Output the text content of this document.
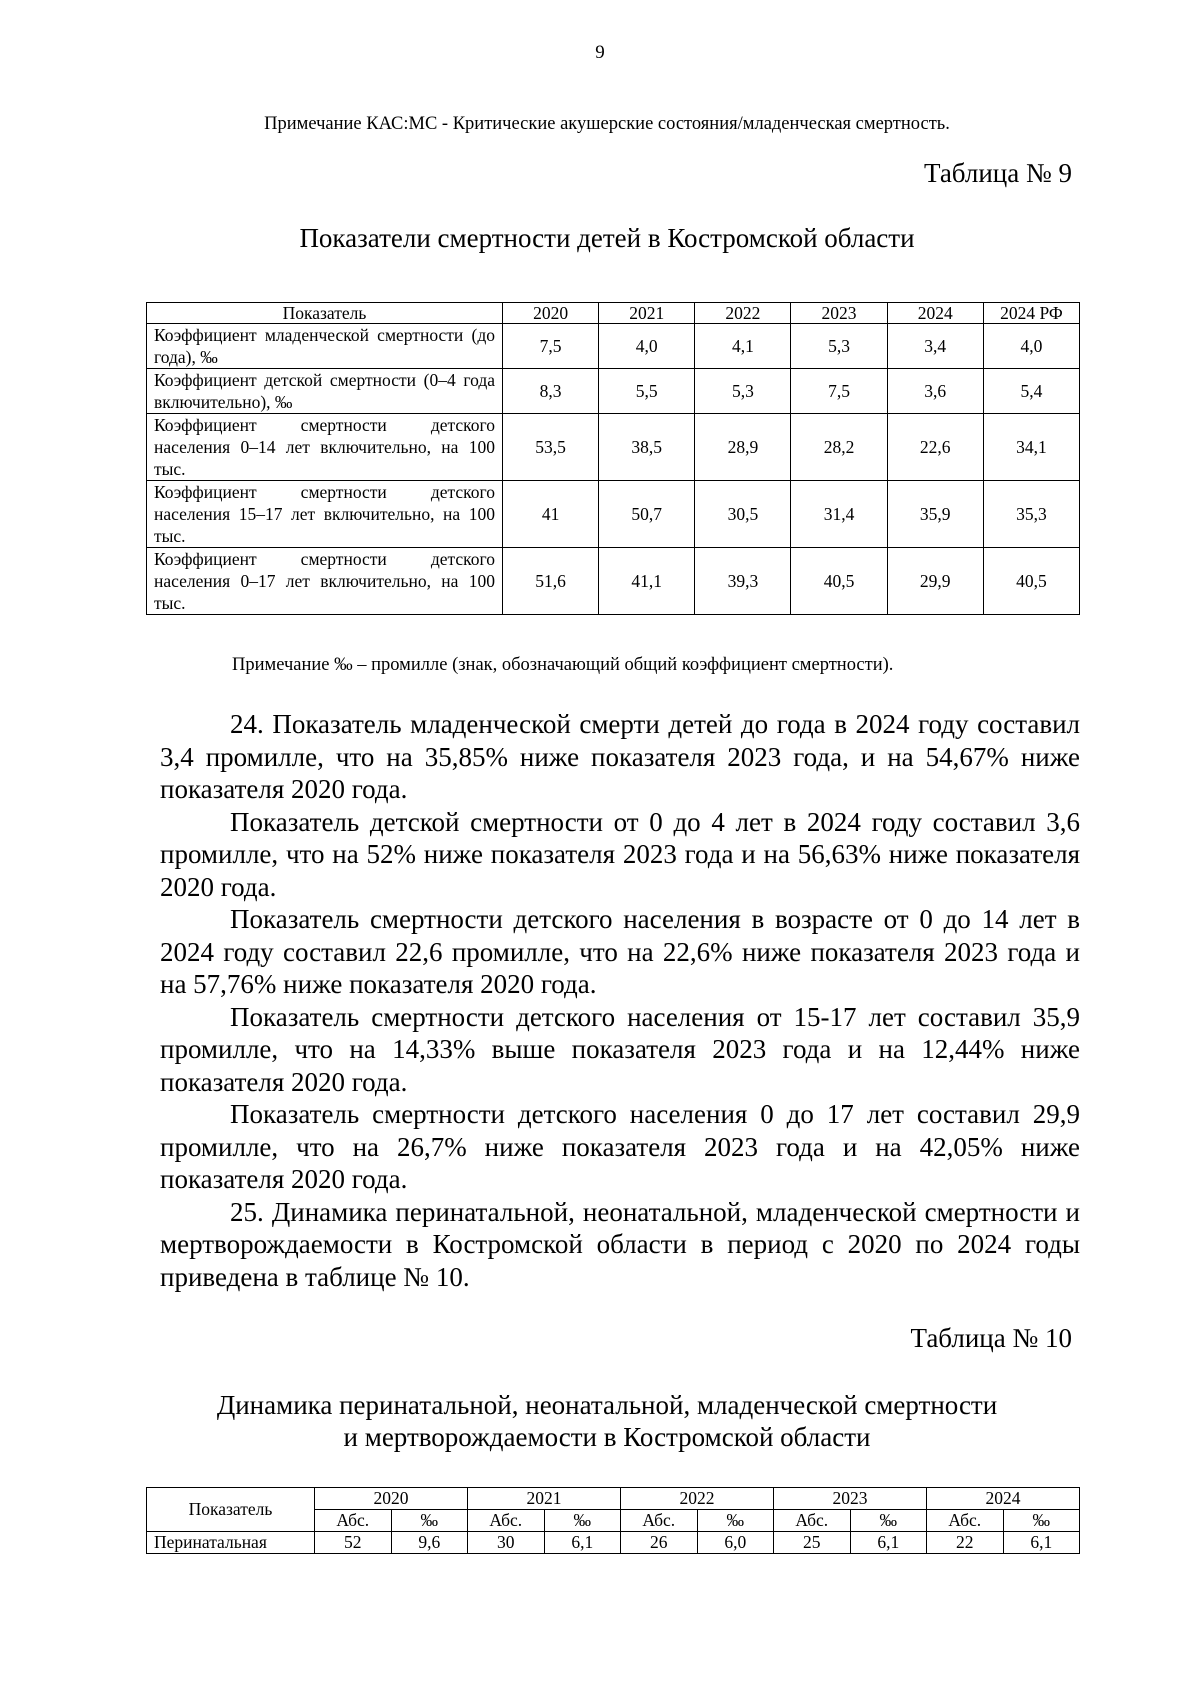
9
Примечание КАС:МС - Критические акушерские состояния/младенческая смертность.
Таблица № 9
Показатели смертности детей в Костромской области
Показатель	2020	2021	2022	2023	2024	2024 РФ
Коэффициент младенческой смертности (до года), ‰	7,5	4,0	4,1	5,3	3,4	4,0
Коэффициент детской смертности (0–4 года включительно), ‰	8,3	5,5	5,3	7,5	3,6	5,4
Коэффициент смертности детского населения 0–14 лет включительно, на 100 тыс.	53,5	38,5	28,9	28,2	22,6	34,1
Коэффициент смертности детского населения 15–17 лет включительно, на 100 тыс.	41	50,7	30,5	31,4	35,9	35,3
Коэффициент смертности детского населения 0–17 лет включительно, на 100 тыс.	51,6	41,1	39,3	40,5	29,9	40,5
Примечание ‰ – промилле (знак, обозначающий общий коэффициент смертности).

24. Показатель младенческой смерти детей до года в 2024 году составил 3,4 промилле, что на 35,85% ниже показателя 2023 года, и на 54,67% ниже показателя 2020 года.

Показатель детской смертности от 0 до 4 лет в 2024 году составил 3,6 промилле, что на 52% ниже показателя 2023 года и на 56,63% ниже показателя 2020 года.

Показатель смертности детского населения в возрасте от 0 до 14 лет в 2024 году составил 22,6 промилле, что на 22,6% ниже показателя 2023 года и на 57,76% ниже показателя 2020 года.

Показатель смертности детского населения от 15-17 лет составил 35,9 промилле, что на 14,33% выше показателя 2023 года и на 12,44% ниже показателя 2020 года.

Показатель смертности детского населения 0 до 17 лет составил 29,9 промилле, что на 26,7% ниже показателя 2023 года и на 42,05% ниже показателя 2020 года.

25. Динамика перинатальной, неонатальной, младенческой смертности и мертворождаемости в Костромской области в период с 2020 по 2024 годы приведена в таблице № 10.

Таблица № 10
Динамика перинатальной, неонатальной, младенческой смертности
и мертворождаемости в Костромской области
Показатель	2020		2021		2022		2023		2024	
	Абс.	‰	Абс.	‰	Абс.	‰	Абс.	‰	Абс.	‰
Перинатальная	52	9,6	30	6,1	26	6,0	25	6,1	22	6,1
